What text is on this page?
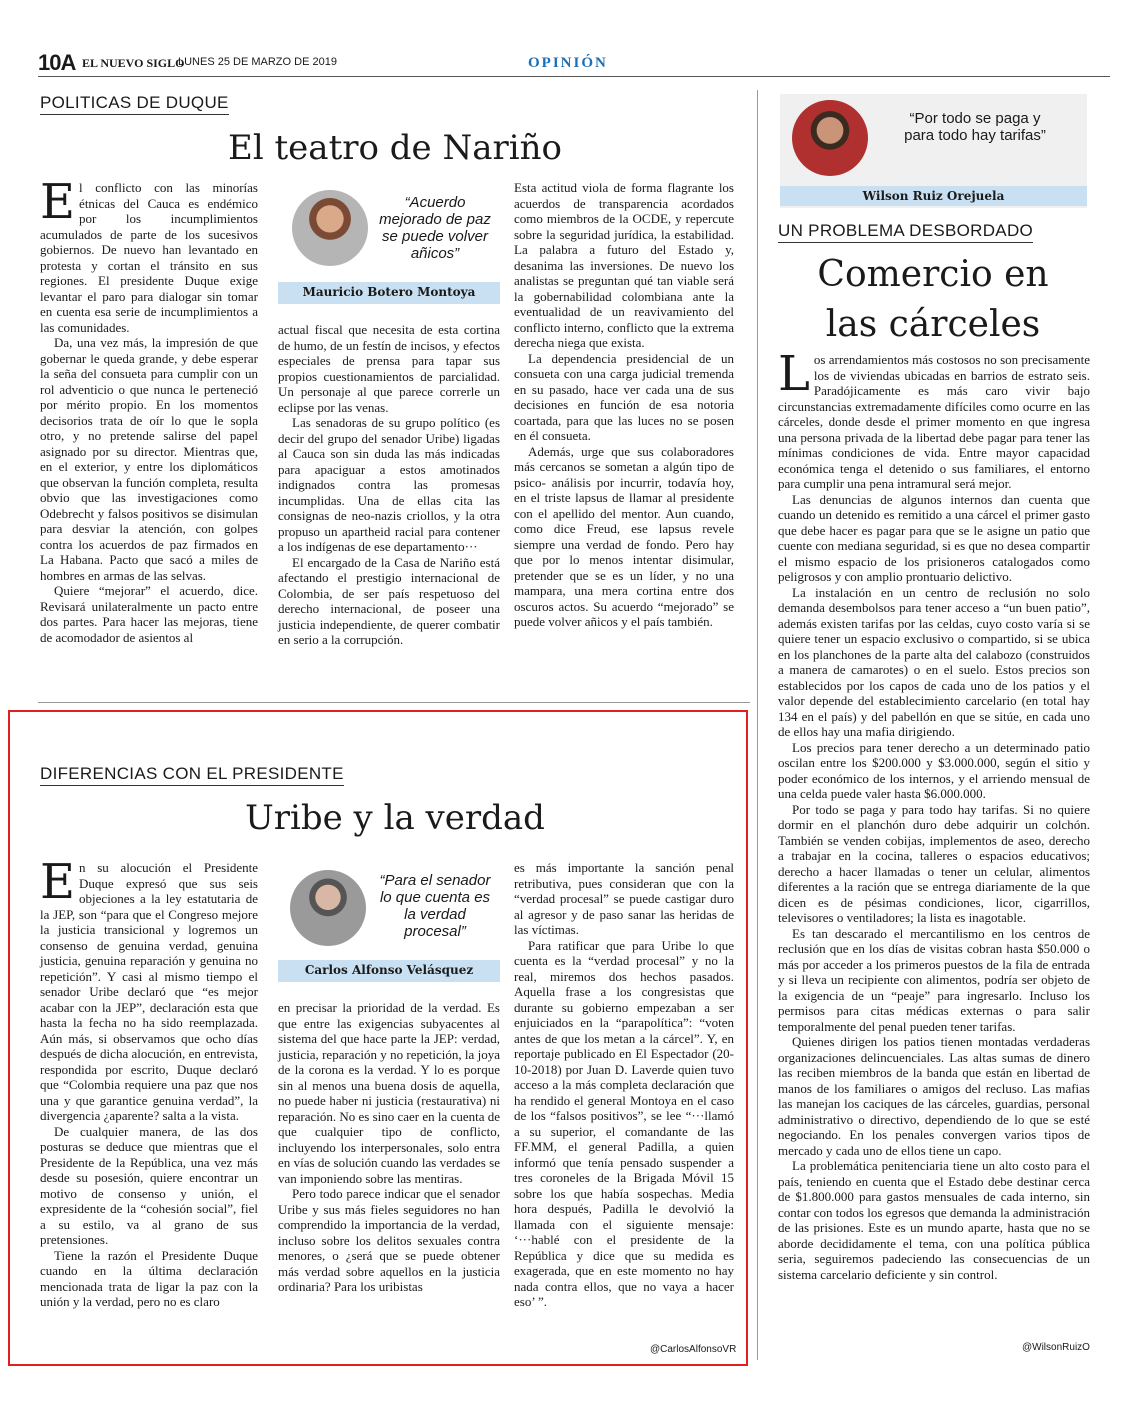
10A EL NUEVO SIGLO
LUNES 25 DE MARZO DE 2019	OPINIÓN
POLITICAS DE DUQUE
El teatro de Nariño
E l conflicto con las minorías étnicas del Cauca es endémico por los incumplimientos acumulados de parte de los sucesivos gobiernos. De nuevo han levantado en protesta y cortan el tránsito en sus regiones. El presidente Duque exige levantar el paro para dialogar sin tomar en cuenta esa serie de incumplimientos a las comunidades.

Da, una vez más, la impresión de que gobernar le queda grande, y debe esperar la seña del consueta para cumplir con un rol adventicio o que nunca le perteneció por mérito propio. En los momentos decisorios trata de oír lo que le sopla otro, y no pretende salirse del papel asignado por su director. Mientras que, en el exterior, y entre los diplomáticos que observan la función completa, resulta obvio que las investigaciones como Odebrecht y falsos positivos se disimulan para desviar la atención, con golpes contra los acuerdos de paz firmados en La Habana. Pacto que sacó a miles de hombres en armas de las selvas.

Quiere “mejorar” el acuerdo, dice. Revisará unilateralmente un pacto entre dos partes. Para hacer las mejoras, tiene de acomodador de asientos al

“Acuerdo mejorado de paz se puede volver añicos”
Mauricio Botero Montoya

actual fiscal que necesita de esta cortina de humo, de un festín de incisos, y efectos especiales de prensa para tapar sus propios cuestionamientos de parcialidad. Un personaje al que parece correrle un eclipse por las venas.

Las senadoras de su grupo político (es decir del grupo del senador Uribe) ligadas al Cauca son sin duda las más indicadas para apaciguar a estos amotinados indignados contra las promesas incumplidas. Una de ellas cita las consignas de neo-nazis criollos, y la otra propuso un apartheid racial para contener a los indígenas de ese departamento···

El encargado de la Casa de Nariño está afectando el prestigio internacional de Colombia, de ser país respetuoso del derecho internacional, de poseer una justicia independiente, de querer combatir en serio a la corrupción.

Esta actitud viola de forma flagrante los acuerdos de transparencia acordados como miembros de la OCDE, y repercute sobre la seguridad jurídica, la estabilidad. La palabra a futuro del Estado y, desanima las inversiones. De nuevo los analistas se preguntan qué tan viable será la gobernabilidad colombiana ante la eventualidad de un reavivamiento del conflicto interno, conflicto que la extrema derecha niega que exista.

La dependencia presidencial de un consueta con una carga judicial tremenda en su pasado, hace ver cada una de sus decisiones en función de esa notoria coartada, para que las luces no se posen en él consueta.

Además, urge que sus colaboradores más cercanos se sometan a algún tipo de psico- análisis por incurrir, todavía hoy, en el triste lapsus de llamar al presidente con el apellido del mentor. Aun cuando, como dice Freud, ese lapsus revele siempre una verdad de fondo. Pero hay que por lo menos intentar disimular, pretender que se es un líder, y no una mampara, una mera cortina entre dos oscuros actos. Su acuerdo “mejorado” se puede volver añicos y el país también.

DIFERENCIAS CON EL PRESIDENTE
Uribe y la verdad
E n su alocución el Presidente Duque expresó que sus seis objeciones a la ley estatutaria de la JEP, son “para que el Congreso mejore la justicia transicional y logremos un consenso de genuina verdad, genuina justicia, genuina reparación y genuina no repetición”. Y casi al mismo tiempo el senador Uribe declaró que “es mejor acabar con la JEP”, declaración esta que hasta la fecha no ha sido reemplazada. Aún más, si observamos que ocho días después de dicha alocución, en entrevista, respondida por escrito, Duque declaró que “Colombia requiere una paz que nos una y que garantice genuina verdad”, la divergencia ¿aparente? salta a la vista.

De cualquier manera, de las dos posturas se deduce que mientras que el Presidente de la República, una vez más desde su posesión, quiere encontrar un motivo de consenso y unión, el expresidente de la “cohesión social”, fiel a su estilo, va al grano de sus pretensiones.

Tiene la razón el Presidente Duque cuando en la última declaración mencionada trata de ligar la paz con la unión y la verdad, pero no es claro

“Para el senador lo que cuenta es la verdad procesal”
Carlos Alfonso Velásquez

en precisar la prioridad de la verdad. Es que entre las exigencias subyacentes al sistema del que hace parte la JEP: verdad, justicia, reparación y no repetición, la joya de la corona es la verdad. Y lo es porque sin al menos una buena dosis de aquella, no puede haber ni justicia (restaurativa) ni reparación. No es sino caer en la cuenta de que cualquier tipo de conflicto, incluyendo los interpersonales, solo entra en vías de solución cuando las verdades se van imponiendo sobre las mentiras.

Pero todo parece indicar que el senador Uribe y sus más fieles seguidores no han comprendido la importancia de la verdad, incluso sobre los delitos sexuales contra menores, o ¿será que se puede obtener más verdad sobre aquellos en la justicia ordinaria? Para los uribistas

es más importante la sanción penal retributiva, pues consideran que con la “verdad procesal” se puede castigar duro al agresor y de paso sanar las heridas de las víctimas.

Para ratificar que para Uribe lo que cuenta es la “verdad procesal” y no la real, miremos dos hechos pasados. Aquella frase a los congresistas que durante su gobierno empezaban a ser enjuiciados en la “parapolítica”: “voten antes de que los metan a la cárcel”. Y, en reportaje publicado en El Espectador (20-10-2018) por Juan D. Laverde quien tuvo acceso a la más completa declaración que ha rendido el general Montoya en el caso de los “falsos positivos”, se lee “···llamó a su superior, el comandante de las FF.MM, el general Padilla, a quien informó que tenía pensado suspender a tres coroneles de la Brigada Móvil 15 sobre los que había sospechas. Media hora después, Padilla le devolvió la llamada con el siguiente mensaje: ‘···hablé con el presidente de la República y dice que su medida es exagerada, que en este momento no hay nada contra ellos, que no vaya a hacer eso’ ”.

@CarlosAlfonsoVR
“Por todo se paga y para todo hay tarifas”
Wilson Ruiz Orejuela
UN PROBLEMA DESBORDADO
Comercio en
las cárceles
L os arrendamientos más costosos no son precisamente los de viviendas ubicadas en barrios de estrato seis. Paradójicamente es más caro vivir bajo circunstancias extremadamente difíciles como ocurre en las cárceles, donde desde el primer momento en que ingresa una persona privada de la libertad debe pagar para tener las mínimas condiciones de vida. Entre mayor capacidad económica tenga el detenido o sus familiares, el entorno para cumplir una pena intramural será mejor.

Las denuncias de algunos internos dan cuenta que cuando un detenido es remitido a una cárcel el primer gasto que debe hacer es pagar para que se le asigne un patio que cuente con mediana seguridad, si es que no desea compartir el mismo espacio de los prisioneros catalogados como peligrosos y con amplio prontuario delictivo.

La instalación en un centro de reclusión no solo demanda desembolsos para tener acceso a “un buen patio”, además existen tarifas por las celdas, cuyo costo varía si se quiere tener un espacio exclusivo o compartido, si se ubica en los planchones de la parte alta del calabozo (construidos a manera de camarotes) o en el suelo. Estos precios son establecidos por los capos de cada uno de los patios y el valor depende del establecimiento carcelario (en total hay 134 en el país) y del pabellón en que se sitúe, en cada uno de ellos hay una mafia dirigiendo.

Los precios para tener derecho a un determinado patio oscilan entre los $200.000 y $3.000.000, según el sitio y poder económico de los internos, y el arriendo mensual de una celda puede valer hasta $6.000.000.

Por todo se paga y para todo hay tarifas. Si no quiere dormir en el planchón duro debe adquirir un colchón. También se venden cobijas, implementos de aseo, derecho a trabajar en la cocina, talleres o espacios educativos; derecho a hacer llamadas o tener un celular, alimentos diferentes a la ración que se entrega diariamente de la que dicen es de pésimas condiciones, licor, cigarrillos, televisores o ventiladores; la lista es inagotable.

Es tan descarado el mercantilismo en los centros de reclusión que en los días de visitas cobran hasta $50.000 o más por acceder a los primeros puestos de la fila de entrada y si lleva un recipiente con alimentos, podría ser objeto de la exigencia de un “peaje” para ingresarlo. Incluso los permisos para citas médicas externas o para salir temporalmente del penal pueden tener tarifas.

Quienes dirigen los patios tienen montadas verdaderas organizaciones delincuenciales. Las altas sumas de dinero las reciben miembros de la banda que están en libertad de manos de los familiares o amigos del recluso. Las mafias las manejan los caciques de las cárceles, guardias, personal administrativo o directivo, dependiendo de lo que se esté negociando. En los penales convergen varios tipos de mercado y cada uno de ellos tiene un capo.

La problemática penitenciaria tiene un alto costo para el país, teniendo en cuenta que el Estado debe destinar cerca de $1.800.000 para gastos mensuales de cada interno, sin contar con todos los egresos que demanda la administración de las prisiones. Este es un mundo aparte, hasta que no se aborde decididamente el tema, con una política pública seria, seguiremos padeciendo las consecuencias de un sistema carcelario deficiente y sin control.

@WilsonRuizO
